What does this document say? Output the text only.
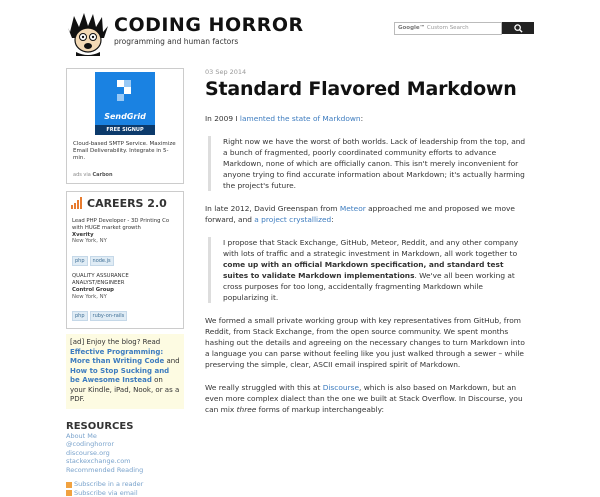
CODING HORROR
programming and human factors
Google™ Custom Search
SendGrid
FREE SIGNUP
Cloud-based SMTP Service. Maximize Email Deliverability. Integrate in 5-min.
ads via Carbon
CAREERS 2.0
Lead PHP Developer - 3D Printing Co with HUGE market growth
Xverity
New York, NY
php node.js
QUALITY ASSURANCE ANALYST/ENGINEER
Control Group
New York, NY
php ruby-on-rails
[ad] Enjoy the blog? Read Effective Programming: More than Writing Code and How to Stop Sucking and be Awesome Instead on your Kindle, iPad, Nook, or as a PDF.
RESOURCES
About Me
@codinghorror
discourse.org
stackexchange.com
Recommended Reading
Subscribe in a reader
Subscribe via email
03 Sep 2014
Standard Flavored Markdown

In 2009 I lamented the state of Markdown:

Right now we have the worst of both worlds. Lack of leadership from the top, and a bunch of fragmented, poorly coordinated community efforts to advance Markdown, none of which are officially canon. This isn't merely inconvenient for anyone trying to find accurate information about Markdown; it's actually harming the project's future.

In late 2012, David Greenspan from Meteor approached me and proposed we move forward, and a project crystallized:

I propose that Stack Exchange, GitHub, Meteor, Reddit, and any other company with lots of traffic and a strategic investment in Markdown, all work together to come up with an official Markdown specification, and standard test suites to validate Markdown implementations. We've all been working at cross purposes for too long, accidentally fragmenting Markdown while popularizing it.

We formed a small private working group with key representatives from GitHub, from Reddit, from Stack Exchange, from the open source community. We spent months hashing out the details and agreeing on the necessary changes to turn Markdown into a language you can parse without feeling like you just walked through a sewer – while preserving the simple, clear, ASCII email inspired spirit of Markdown.

We really struggled with this at Discourse, which is also based on Markdown, but an even more complex dialect than the one we built at Stack Overflow. In Discourse, you can mix three forms of markup interchangeably:
